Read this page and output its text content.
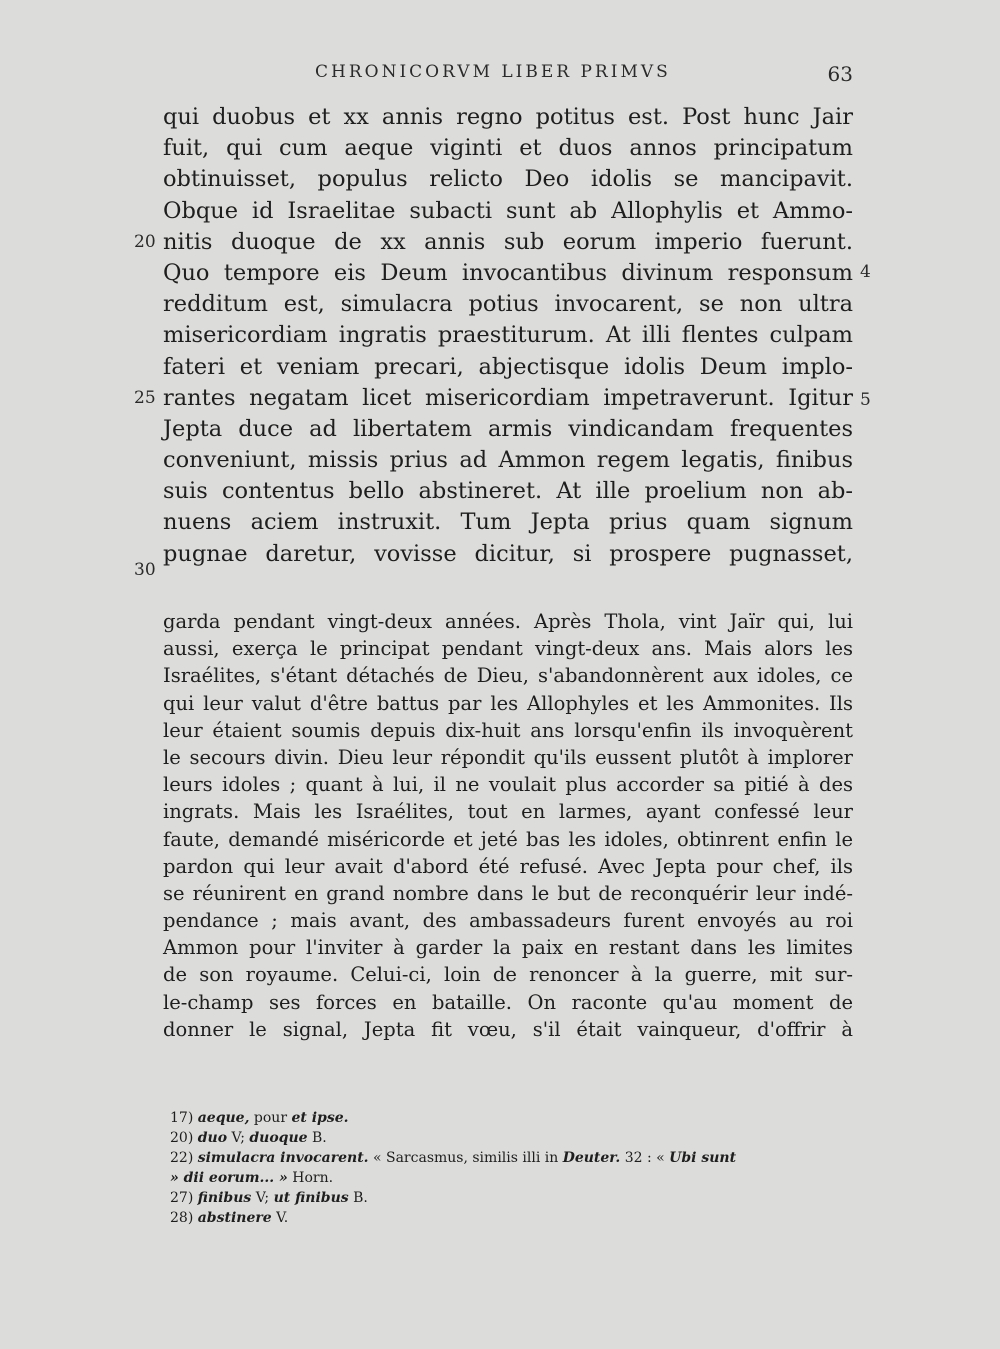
CHRONICORVM LIBER PRIMVS	63
qui duobus et xx annis regno potitus est. Post hunc Jair
fuit, qui cum aeque viginti et duos annos principatum
obtinuisset, populus relicto Deo idolis se mancipavit.
Obque id Israelitae subacti sunt ab Allophylis et Ammo-
nitis duoque de xx annis sub eorum imperio fuerunt.
Quo tempore eis Deum invocantibus divinum responsum
redditum est, simulacra potius invocarent, se non ultra
misericordiam ingratis praestiturum. At illi flentes culpam
fateri et veniam precari, abjectisque idolis Deum implo-
rantes negatam licet misericordiam impetraverunt. Igitur
Jepta duce ad libertatem armis vindicandam frequentes
conveniunt, missis prius ad Ammon regem legatis, finibus
suis contentus bello abstineret. At ille proelium non ab-
nuens aciem instruxit. Tum Jepta prius quam signum
pugnae daretur, vovisse dicitur, si prospere pugnasset,
20
25
30
4
5
garda pendant vingt-deux années. Après Thola, vint Jaïr qui, lui
aussi, exerça le principat pendant vingt-deux ans. Mais alors les
Israélites, s'étant détachés de Dieu, s'abandonnèrent aux idoles, ce
qui leur valut d'être battus par les Allophyles et les Ammonites. Ils
leur étaient soumis depuis dix-huit ans lorsqu'enfin ils invoquèrent
le secours divin. Dieu leur répondit qu'ils eussent plutôt à implorer
leurs idoles ; quant à lui, il ne voulait plus accorder sa pitié à des
ingrats. Mais les Israélites, tout en larmes, ayant confessé leur
faute, demandé miséricorde et jeté bas les idoles, obtinrent enfin le
pardon qui leur avait d'abord été refusé. Avec Jepta pour chef, ils
se réunirent en grand nombre dans le but de reconquérir leur indé-
pendance ; mais avant, des ambassadeurs furent envoyés au roi
Ammon pour l'inviter à garder la paix en restant dans les limites
de son royaume. Celui-ci, loin de renoncer à la guerre, mit sur-
le-champ ses forces en bataille. On raconte qu'au moment de
donner le signal, Jepta fit vœu, s'il était vainqueur, d'offrir à
17) aeque, pour et ipse.
20) duo V; duoque B.
22) simulacra invocarent. « Sarcasmus, similis illi in Deuter. 32 : « Ubi sunt
» dii eorum... » Horn.
27) finibus V; ut finibus B.
28) abstinere V.
